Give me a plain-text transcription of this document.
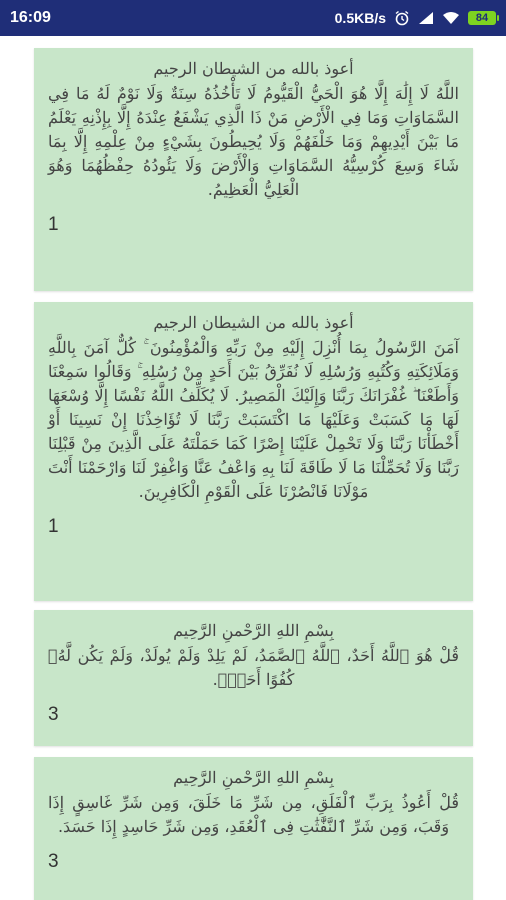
16:09	0.5KB/s	84
أعوذ بالله من الشيطان الرجيم
اللَّهُ لَا إِلَٰهَ إِلَّا هُوَ الْحَيُّ الْقَيُّومُ لَا تَأْخُذُهُ سِنَةٌ وَلَا نَوْمٌ لَهُ مَا فِي السَّمَاوَاتِ وَمَا فِي الْأَرْضِ مَنْ ذَا الَّذِي يَشْفَعُ عِنْدَهُ إِلَّا بِإِذْنِهِ يَعْلَمُ مَا بَيْنَ أَيْدِيهِمْ وَمَا خَلْفَهُمْ وَلَا يُحِيطُونَ بِشَيْءٍ مِنْ عِلْمِهِ إِلَّا بِمَا شَاءَ وَسِعَ كُرْسِيُّهُ السَّمَاوَاتِ وَالْأَرْضَ وَلَا يَئُودُهُ حِفْظُهُمَا وَهُوَ الْعَلِيُّ الْعَظِيمُ.
1
أعوذ بالله من الشيطان الرجيم
آمَنَ الرَّسُولُ بِمَا أُنْزِلَ إِلَيْهِ مِنْ رَبِّهِ وَالْمُؤْمِنُونَ ۚ كُلٌّ آمَنَ بِاللَّهِ وَمَلَائِكَتِهِ وَكُتُبِهِ وَرُسُلِهِ لَا نُفَرِّقُ بَيْنَ أَحَدٍ مِنْ رُسُلِهِ ۚ وَقَالُوا سَمِعْنَا وَأَطَعْنَا ۖ غُفْرَانَكَ رَبَّنَا وَإِلَيْكَ الْمَصِيرُ. لَا يُكَلِّفُ اللَّهُ نَفْسًا إِلَّا وُسْعَهَا لَهَا مَا كَسَبَتْ وَعَلَيْهَا مَا اكْتَسَبَتْ رَبَّنَا لَا تُؤَاخِذْنَا إِنْ نَسِينَا أَوْ أَخْطَأْنَا رَبَّنَا وَلَا تَحْمِلْ عَلَيْنَا إِصْرًا كَمَا حَمَلْتَهُ عَلَى الَّذِينَ مِنْ قَبْلِنَا رَبَّنَا وَلَا تُحَمِّلْنَا مَا لَا طَاقَةَ لَنَا بِهِ وَاعْفُ عَنَّا وَاغْفِرْ لَنَا وَارْحَمْنَا أَنْتَ مَوْلَانَا فَانْصُرْنَا عَلَى الْقَوْمِ الْكَافِرِينَ.
1
بِسْمِ اللهِ الرَّحْمنِ الرَّحِيم
قُلْ هُوَ ٱللَّهُ أَحَدٌ، ٱللَّهُ ٱلصَّمَدُ، لَمْ يَلِدْ وَلَمْ يُولَدْ، وَلَمْ يَكُن لَّهُۥ كُفُوًا أَحَدٌۢ.
3
بِسْمِ اللهِ الرَّحْمنِ الرَّحِيم
قُلْ أَعُوذُ بِرَبِّ ٱلْفَلَقِ، مِن شَرِّ مَا خَلَقَ، وَمِن شَرِّ غَاسِقٍ إِذَا وَقَبَ، وَمِن شَرِّ ٱلنَّفَّٰثَٰتِ فِى ٱلْعُقَدِ، وَمِن شَرِّ حَاسِدٍ إِذَا حَسَدَ.
3
